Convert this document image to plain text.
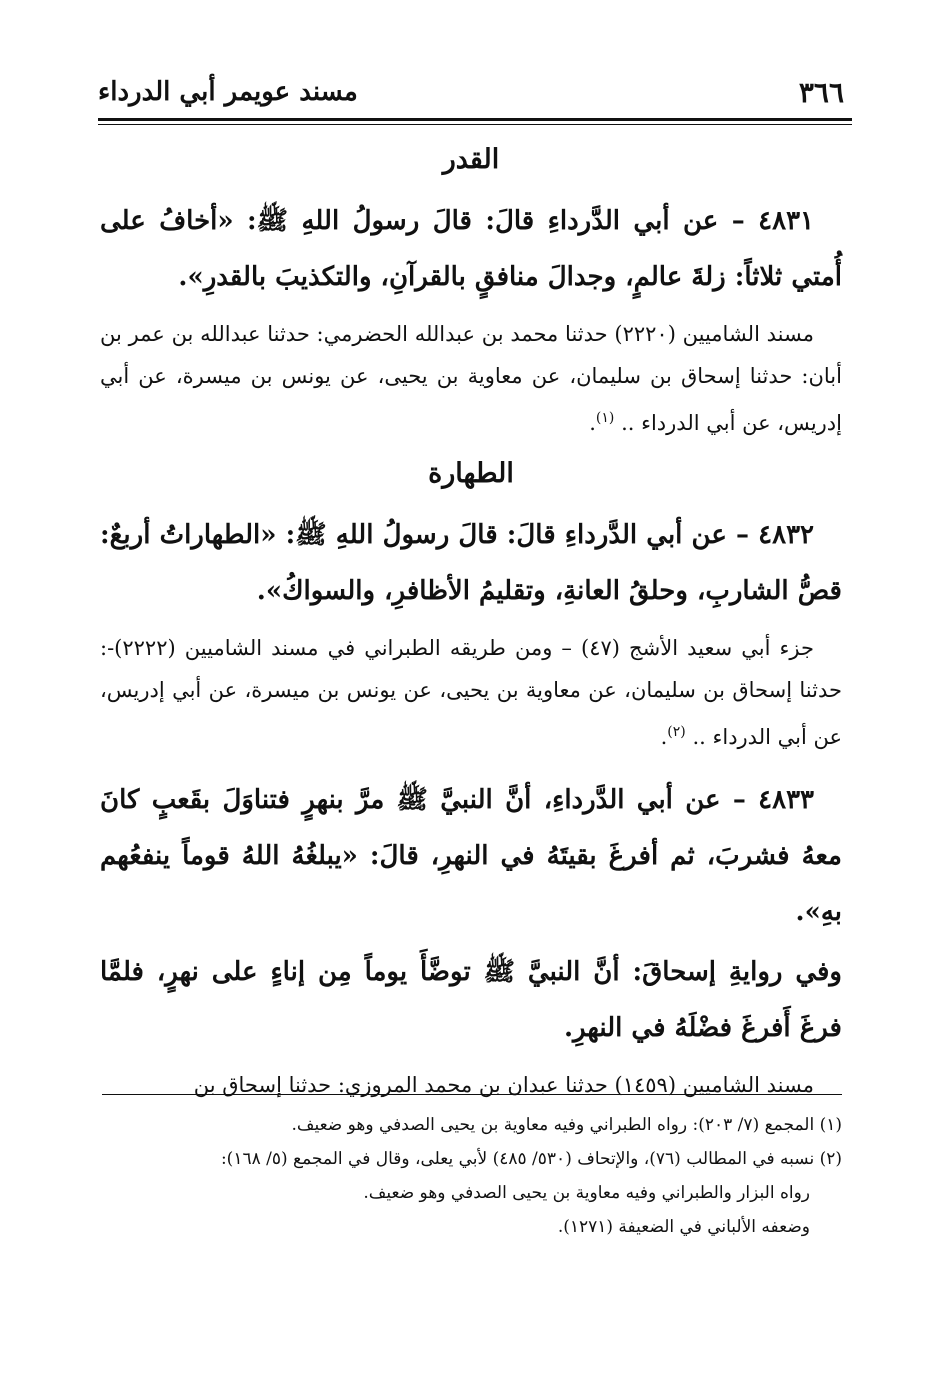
٣٦٦
مسند عويمر أبي الدرداء
القدر

٤٨٣١ – عن أبي الدَّرداءِ قالَ: قالَ رسولُ اللهِ ﷺ: «أخافُ على أُمتي ثلاثاً: زلةَ عالمٍ، وجدالَ منافقٍ بالقرآنِ، والتكذيبَ بالقدرِ».

مسند الشاميين (٢٢٢٠) حدثنا محمد بن عبدالله الحضرمي: حدثنا عبدالله بن عمر بن أبان: حدثنا إسحاق بن سليمان، عن معاوية بن يحيى، عن يونس بن ميسرة، عن أبي إدريس، عن أبي الدرداء .. $^{(١)}$.

الطهارة

٤٨٣٢ – عن أبي الدَّرداءِ قالَ: قالَ رسولُ اللهِ ﷺ: «الطهاراتُ أربعٌ: قصُّ الشاربِ، وحلقُ العانةِ، وتقليمُ الأظافرِ، والسواكُ».

جزء أبي سعيد الأشج (٤٧) – ومن طريقه الطبراني في مسند الشاميين (٢٢٢٢)-: حدثنا إسحاق بن سليمان، عن معاوية بن يحيى، عن يونس بن ميسرة، عن أبي إدريس، عن أبي الدرداء .. $^{(٢)}$.

٤٨٣٣ – عن أبي الدَّرداءِ، أنَّ النبيَّ ﷺ مرَّ بنهرٍ فتناوَلَ بقَعبٍ كانَ معهُ فشربَ، ثم أفرغَ بقيتَهُ في النهرِ، قالَ: «يبلغُهُ اللهُ قوماً ينفعُهم بهِ».

وفي روايةِ إسحاقَ: أنَّ النبيَّ ﷺ توضَّأَ يوماً مِن إناءٍ على نهرٍ، فلمَّا فرغَ أَفرغَ فضْلَهُ في النهرِ.

مسند الشاميين (١٤٥٩) حدثنا عبدان بن محمد المروزي: حدثنا إسحاق بن

(١) المجمع (٧/ ٢٠٣): رواه الطبراني وفيه معاوية بن يحيى الصدفي وهو ضعيف.

(٢) نسبه في المطالب (٧٦)، والإتحاف (٥٣٠/ ٤٨٥) لأبي يعلى، وقال في المجمع (٥/ ١٦٨):

رواه البزار والطبراني وفيه معاوية بن يحيى الصدفي وهو ضعيف.

وضعفه الألباني في الضعيفة (١٢٧١).
